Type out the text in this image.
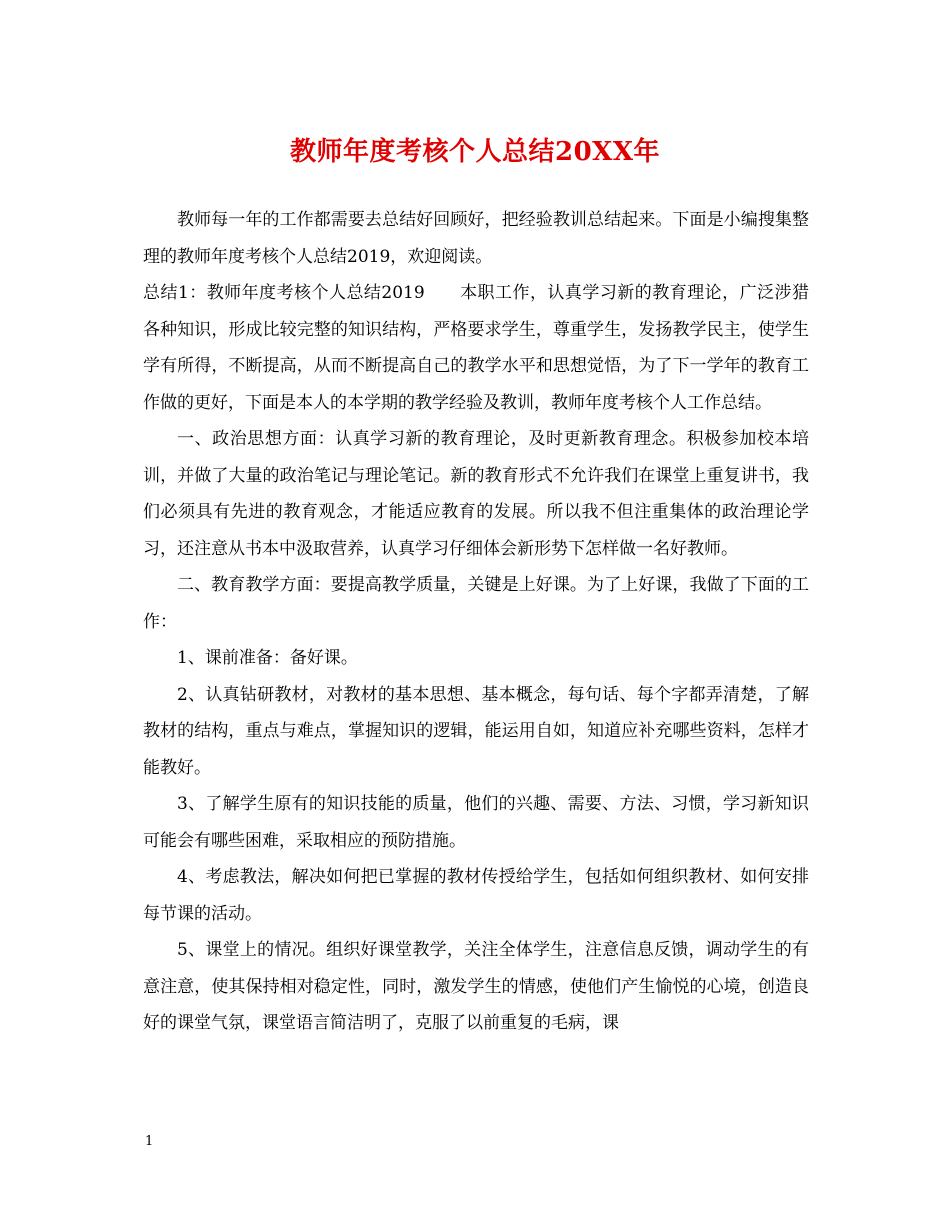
教师年度考核个人总结20XX年

教师每一年的工作都需要去总结好回顾好，把经验教训总结起来。下面是小编搜集整理的教师年度考核个人总结2019，欢迎阅读。

总结1：教师年度考核个人总结2019　　本职工作，认真学习新的教育理论，广泛涉猎各种知识，形成比较完整的知识结构，严格要求学生，尊重学生，发扬教学民主，使学生学有所得，不断提高，从而不断提高自己的教学水平和思想觉悟，为了下一学年的教育工作做的更好，下面是本人的本学期的教学经验及教训，教师年度考核个人工作总结。

一、政治思想方面：认真学习新的教育理论，及时更新教育理念。积极参加校本培训，并做了大量的政治笔记与理论笔记。新的教育形式不允许我们在课堂上重复讲书，我们必须具有先进的教育观念，才能适应教育的发展。所以我不但注重集体的政治理论学习，还注意从书本中汲取营养，认真学习仔细体会新形势下怎样做一名好教师。

二、教育教学方面：要提高教学质量，关键是上好课。为了上好课，我做了下面的工作：

1、课前准备：备好课。

2、认真钻研教材，对教材的基本思想、基本概念，每句话、每个字都弄清楚，了解教材的结构，重点与难点，掌握知识的逻辑，能运用自如，知道应补充哪些资料，怎样才能教好。

3、了解学生原有的知识技能的质量，他们的兴趣、需要、方法、习惯，学习新知识可能会有哪些困难，采取相应的预防措施。

4、考虑教法，解决如何把已掌握的教材传授给学生，包括如何组织教材、如何安排每节课的活动。

5、课堂上的情况。组织好课堂教学，关注全体学生，注意信息反馈，调动学生的有意注意，使其保持相对稳定性，同时，激发学生的情感，使他们产生愉悦的心境，创造良好的课堂气氛，课堂语言简洁明了，克服了以前重复的毛病，课

1
